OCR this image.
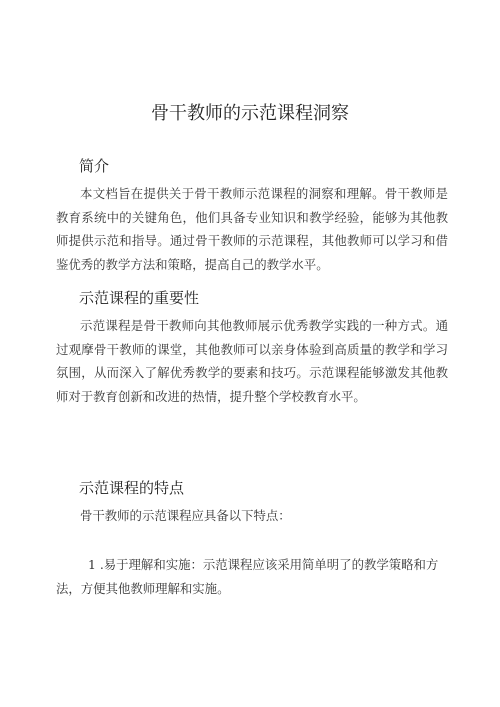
骨干教师的示范课程洞察
简介

本文档旨在提供关于骨干教师示范课程的洞察和理解。骨干教师是教育系统中的关键角色，他们具备专业知识和教学经验，能够为其他教师提供示范和指导。通过骨干教师的示范课程，其他教师可以学习和借鉴优秀的教学方法和策略，提高自己的教学水平。

示范课程的重要性

示范课程是骨干教师向其他教师展示优秀教学实践的一种方式。通过观摩骨干教师的课堂，其他教师可以亲身体验到高质量的教学和学习氛围，从而深入了解优秀教学的要素和技巧。示范课程能够激发其他教师对于教育创新和改进的热情，提升整个学校教育水平。

示范课程的特点

骨干教师的示范课程应具备以下特点：

1 .易于理解和实施：示范课程应该采用简单明了的教学策略和方法，方便其他教师理解和实施。
